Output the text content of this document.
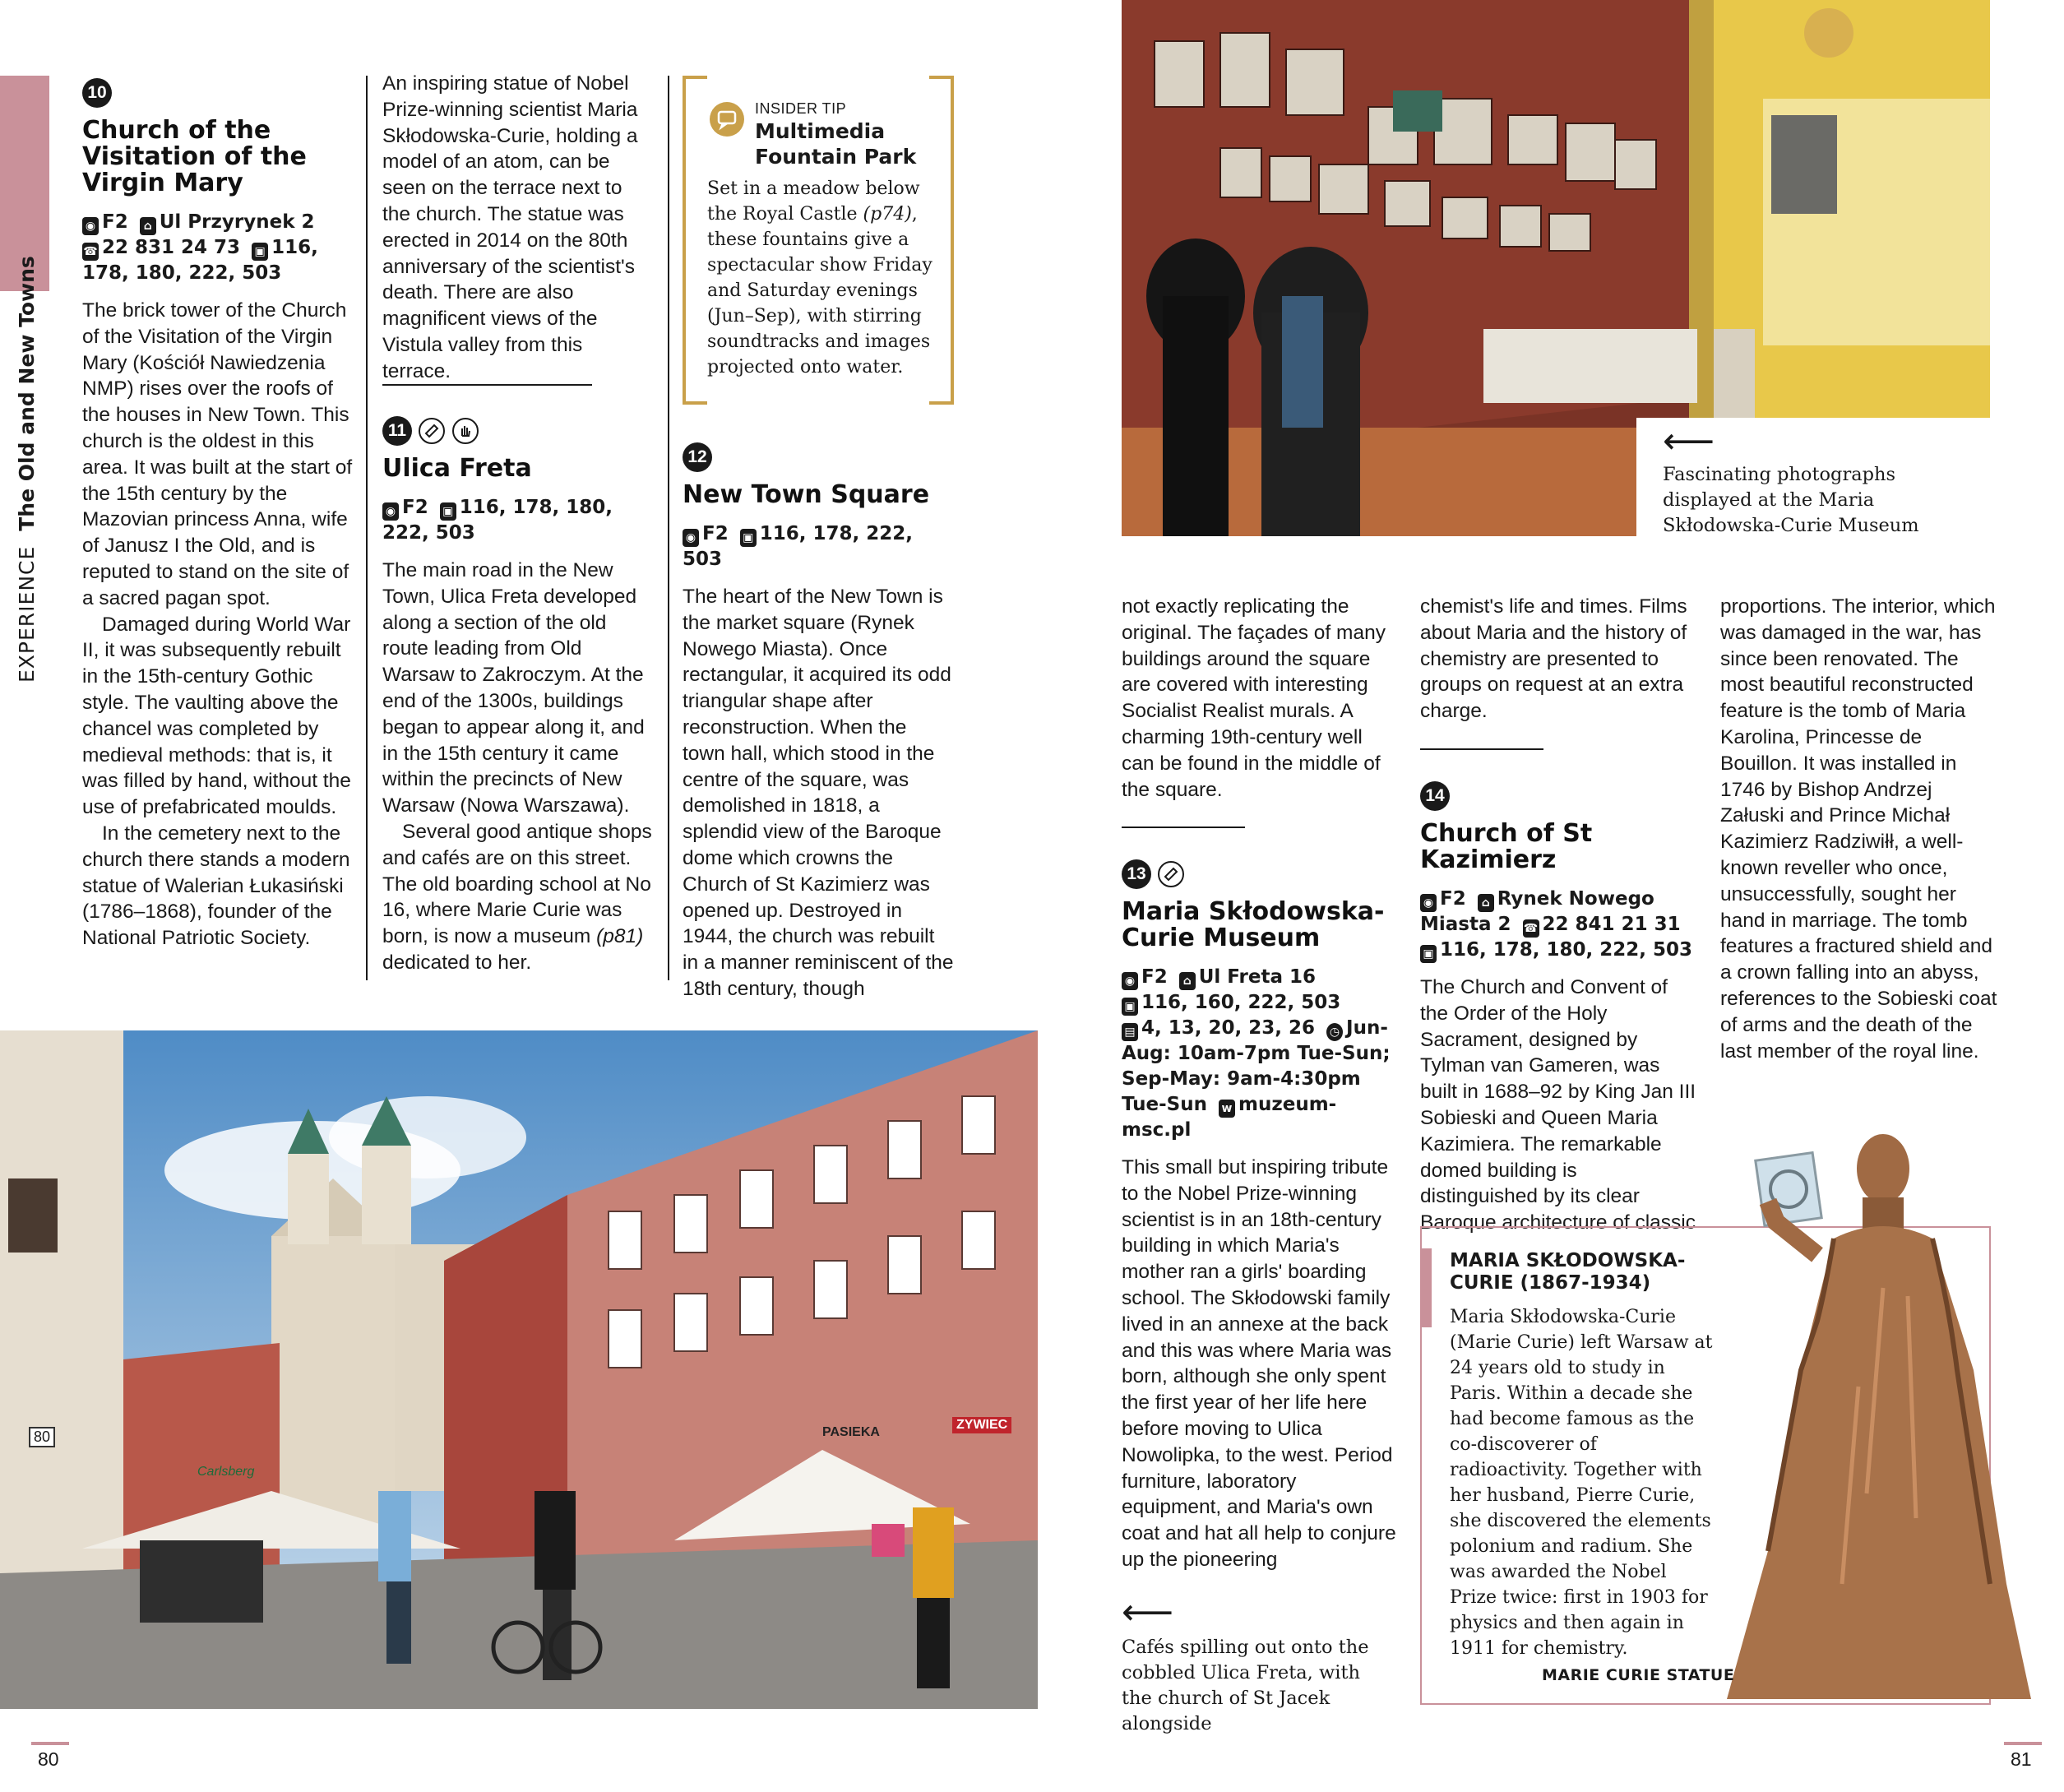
EXPERIENCE The Old and New Towns
10
Church of the Visitation of the Virgin Mary
◉ F2 ⌂ Ul Przyrynek 2
☎ 22 831 24 73 ▣ 116, 178, 180, 222, 503

The brick tower of the Church of the Visitation of the Virgin Mary (Kościół Nawiedzenia NMP) rises over the roofs of the houses in New Town. This church is the oldest in this area. It was built at the start of the 15th century by the Mazovian princess Anna, wife of Janusz I the Old, and is reputed to stand on the site of a sacred pagan spot.

Damaged during World War II, it was subsequently rebuilt in the 15th-century Gothic style. The vaulting above the chancel was completed by medieval methods: that is, it was filled by hand, without the use of prefabricated moulds.

In the cemetery next to the church there stands a modern statue of Walerian Łukasiński (1786–1868), founder of the National Patriotic Society.

An inspiring statue of Nobel Prize-winning scientist Maria Skłodowska-Curie, holding a model of an atom, can be seen on the terrace next to the church. The statue was erected in 2014 on the 80th anniversary of the scientist's death. There are also magnificent views of the Vistula valley from this terrace.

11

Ulica Freta
◉ F2 ▣ 116, 178, 180, 222, 503

The main road in the New Town, Ulica Freta developed along a section of the old route leading from Old Warsaw to Zakroczym. At the end of the 1300s, buildings began to appear along it, and in the 15th century it came within the precincts of New Warsaw (Nowa Warszawa).

Several good antique shops and cafés are on this street. The old boarding school at No 16, where Marie Curie was born, is now a museum (p81) dedicated to her.

INSIDER TIP
Multimedia Fountain Park

Set in a meadow below the Royal Castle (p74), these fountains give a spectacular show Friday and Saturday evenings (Jun–Sep), with stirring soundtracks and images projected onto water.

12
New Town Square
◉ F2 ▣ 116, 178, 222, 503

The heart of the New Town is the market square (Rynek Nowego Miasta). Once rectangular, it acquired its odd triangular shape after reconstruction. When the town hall, which stood in the centre of the square, was demolished in 1818, a splendid view of the Baroque dome which crowns the Church of St Kazimierz was opened up. Destroyed in 1944, the church was rebuilt in a manner reminiscent of the 18th century, though

⟵

Fascinating photographs displayed at the Maria Skłodowska-Curie Museum

not exactly replicating the original. The façades of many buildings around the square are covered with interesting Socialist Realist murals. A charming 19th-century well can be found in the middle of the square.

13
Maria Skłodowska-Curie Museum
◉ F2 ⌂ Ul Freta 16
▣ 116, 160, 222, 503
▤ 4, 13, 20, 23, 26 ◷ Jun-Aug: 10am-7pm Tue-Sun; Sep-May: 9am-4:30pm Tue-Sun w muzeum-msc.pl

This small but inspiring tribute to the Nobel Prize-winning scientist is in an 18th-century building in which Maria's mother ran a girls' boarding school. The Skłodowski family lived in an annexe at the back and this was where Maria was born, although she only spent the first year of her life here before moving to Ulica Nowolipka, to the west. Period furniture, laboratory equipment, and Maria's own coat and hat all help to conjure up the pioneering

chemist's life and times. Films about Maria and the history of chemistry are presented to groups on request at an extra charge.

14
Church of St Kazimierz
◉ F2 ⌂ Rynek Nowego Miasta 2 ☎ 22 841 21 31
▣ 116, 178, 180, 222, 503

The Church and Convent of the Order of the Holy Sacrament, designed by Tylman van Gameren, was built in 1688–92 by King Jan III Sobieski and Queen Maria Kazimiera. The remarkable domed building is distinguished by its clear Baroque architecture of classic

proportions. The interior, which was damaged in the war, has since been renovated. The most beautiful reconstructed feature is the tomb of Maria Karolina, Princesse de Bouillon. It was installed in 1746 by Bishop Andrzej Załuski and Prince Michał Kazimierz Radziwiłł, a well-known reveller who once, unsuccessfully, sought her hand in marriage. The tomb features a fractured shield and a crown falling into an abyss, references to the Sobieski coat of arms and the death of the last member of the royal line.

ZYWIEC
PASIEKA
Carlsberg
80
⟵

Cafés spilling out onto the cobbled Ulica Freta, with the church of St Jacek alongside

MARIA SKŁODOWSKA-CURIE (1867-1934)

Maria Skłodowska-Curie (Marie Curie) left Warsaw at 24 years old to study in Paris. Within a decade she had become famous as the co-discoverer of radioactivity. Together with her husband, Pierre Curie, she discovered the elements polonium and radium. She was awarded the Nobel Prize twice: first in 1903 for physics and then again in 1911 for chemistry.

MARIE CURIE STATUE
80	81
